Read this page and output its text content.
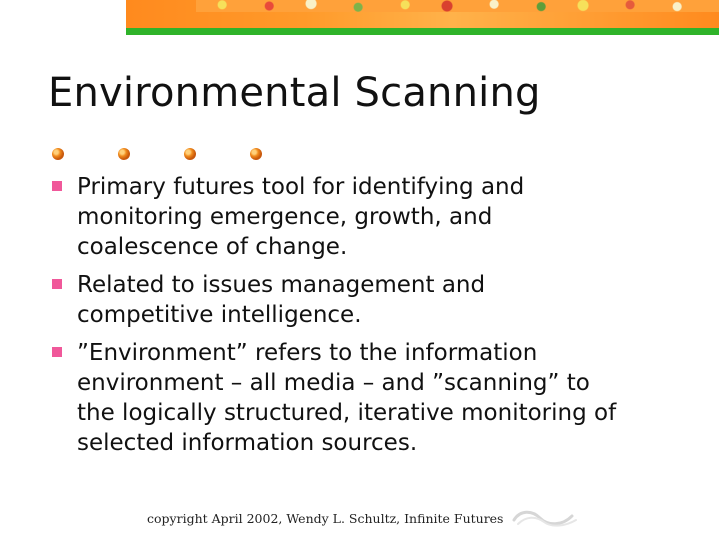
Environmental Scanning
Primary futures tool for identifying and monitoring emergence, growth, and coalescence of change.
Related to issues management and competitive intelligence.
”Environment” refers to the information environment – all media – and ”scanning” to the logically structured, iterative monitoring of selected information sources.
copyright April 2002, Wendy L. Schultz, Infinite Futures
